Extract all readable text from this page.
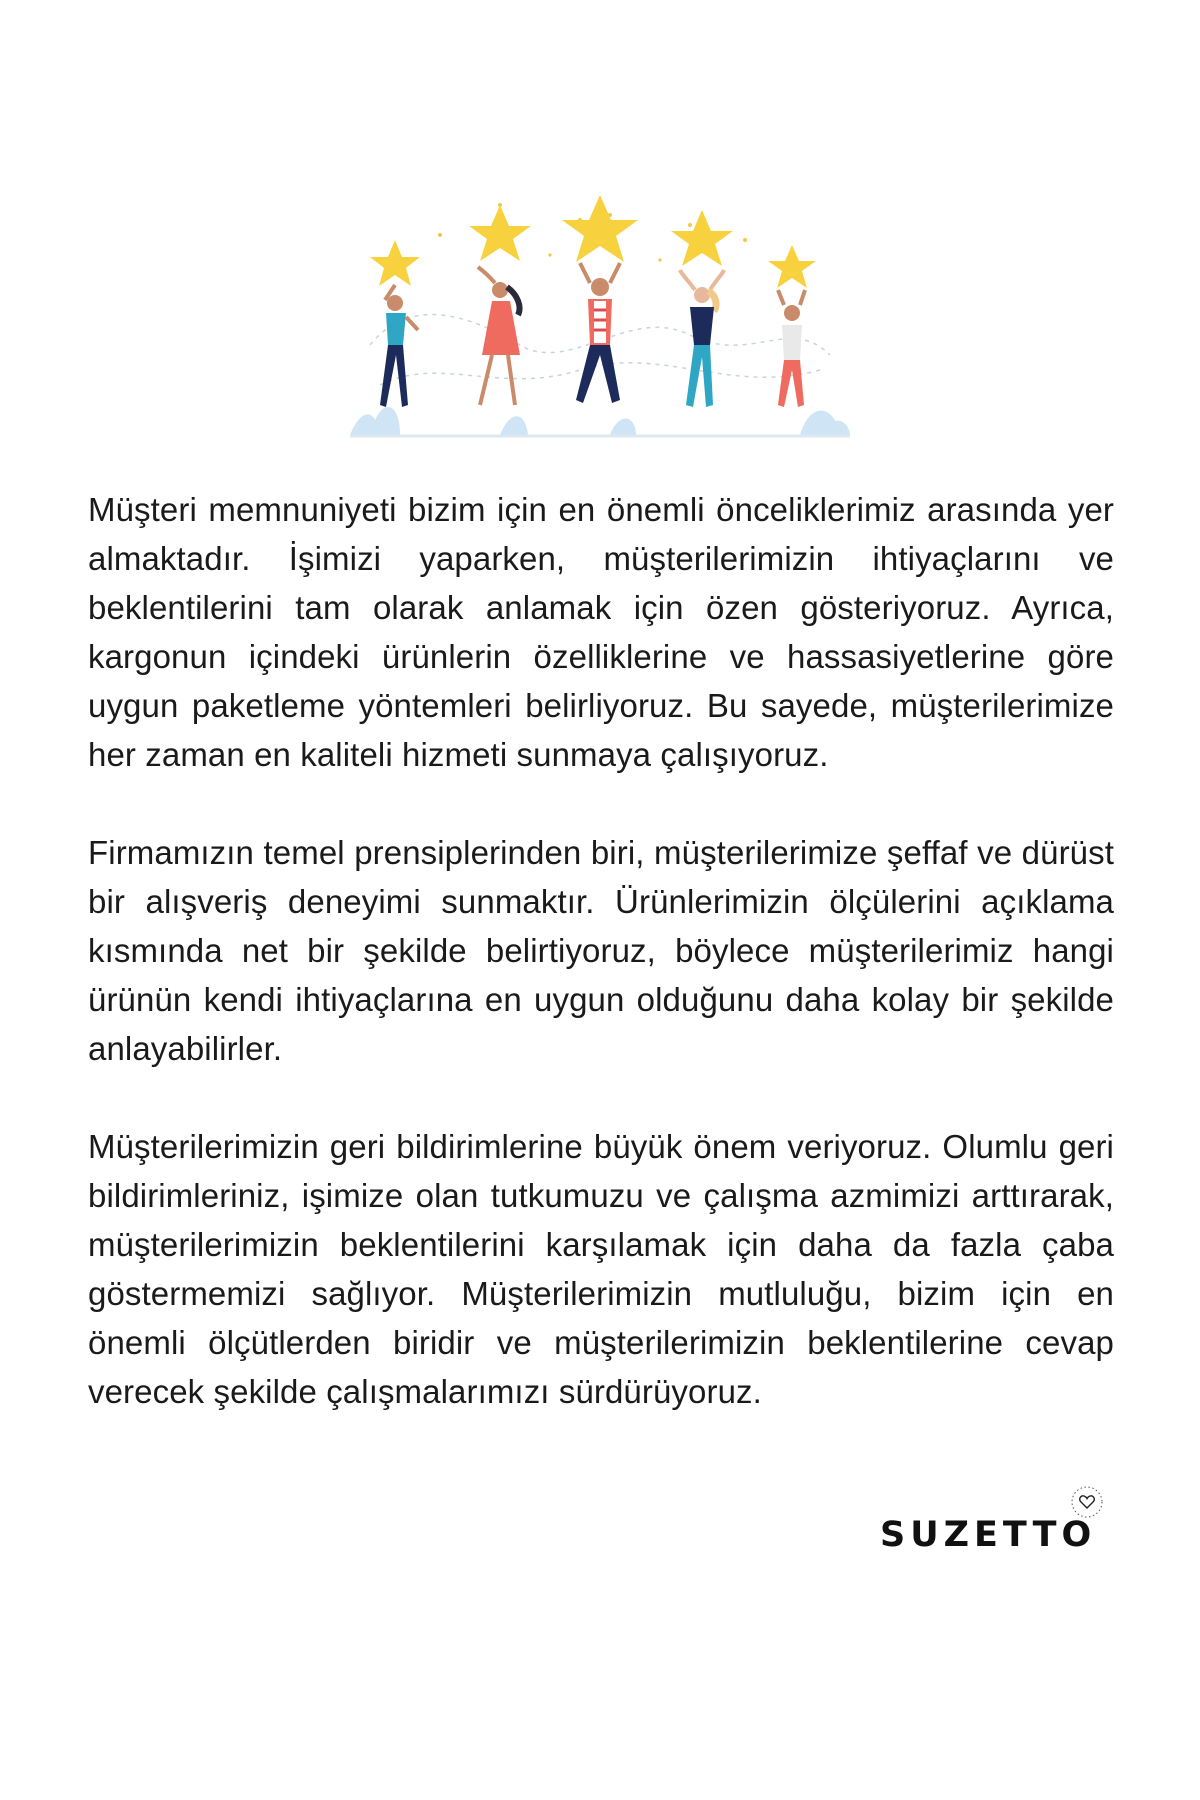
Müşteri memnuniyeti bizim için en önemli önceliklerimiz arasında yer almaktadır. İşimizi yaparken, müşterilerimizin ihtiyaçlarını ve beklentilerini tam olarak anlamak için özen gösteriyoruz. Ayrıca, kargonun içindeki ürünlerin özelliklerine ve hassasiyetlerine göre uygun paketleme yöntemleri belirliyoruz. Bu sayede, müşterilerimize her zaman en kaliteli hizmeti sunmaya çalışıyoruz.

Firmamızın temel prensiplerinden biri, müşterilerimize şeffaf ve dürüst bir alışveriş deneyimi sunmaktır. Ürünlerimizin ölçülerini açıklama kısmında net bir şekilde belirtiyoruz, böylece müşterilerimiz hangi ürünün kendi ihtiyaçlarına en uygun olduğunu daha kolay bir şekilde anlayabilirler.

Müşterilerimizin geri bildirimlerine büyük önem veriyoruz. Olumlu geri bildirimleriniz, işimize olan tutkumuzu ve çalışma azmimizi arttırarak, müşterilerimizin beklentilerini karşılamak için daha da fazla çaba göstermemizi sağlıyor. Müşterilerimizin mutluluğu, bizim için en önemli ölçütlerden biridir ve müşterilerimizin beklentilerine cevap verecek şekilde çalışmalarımızı sürdürüyoruz.

SUZETTO
